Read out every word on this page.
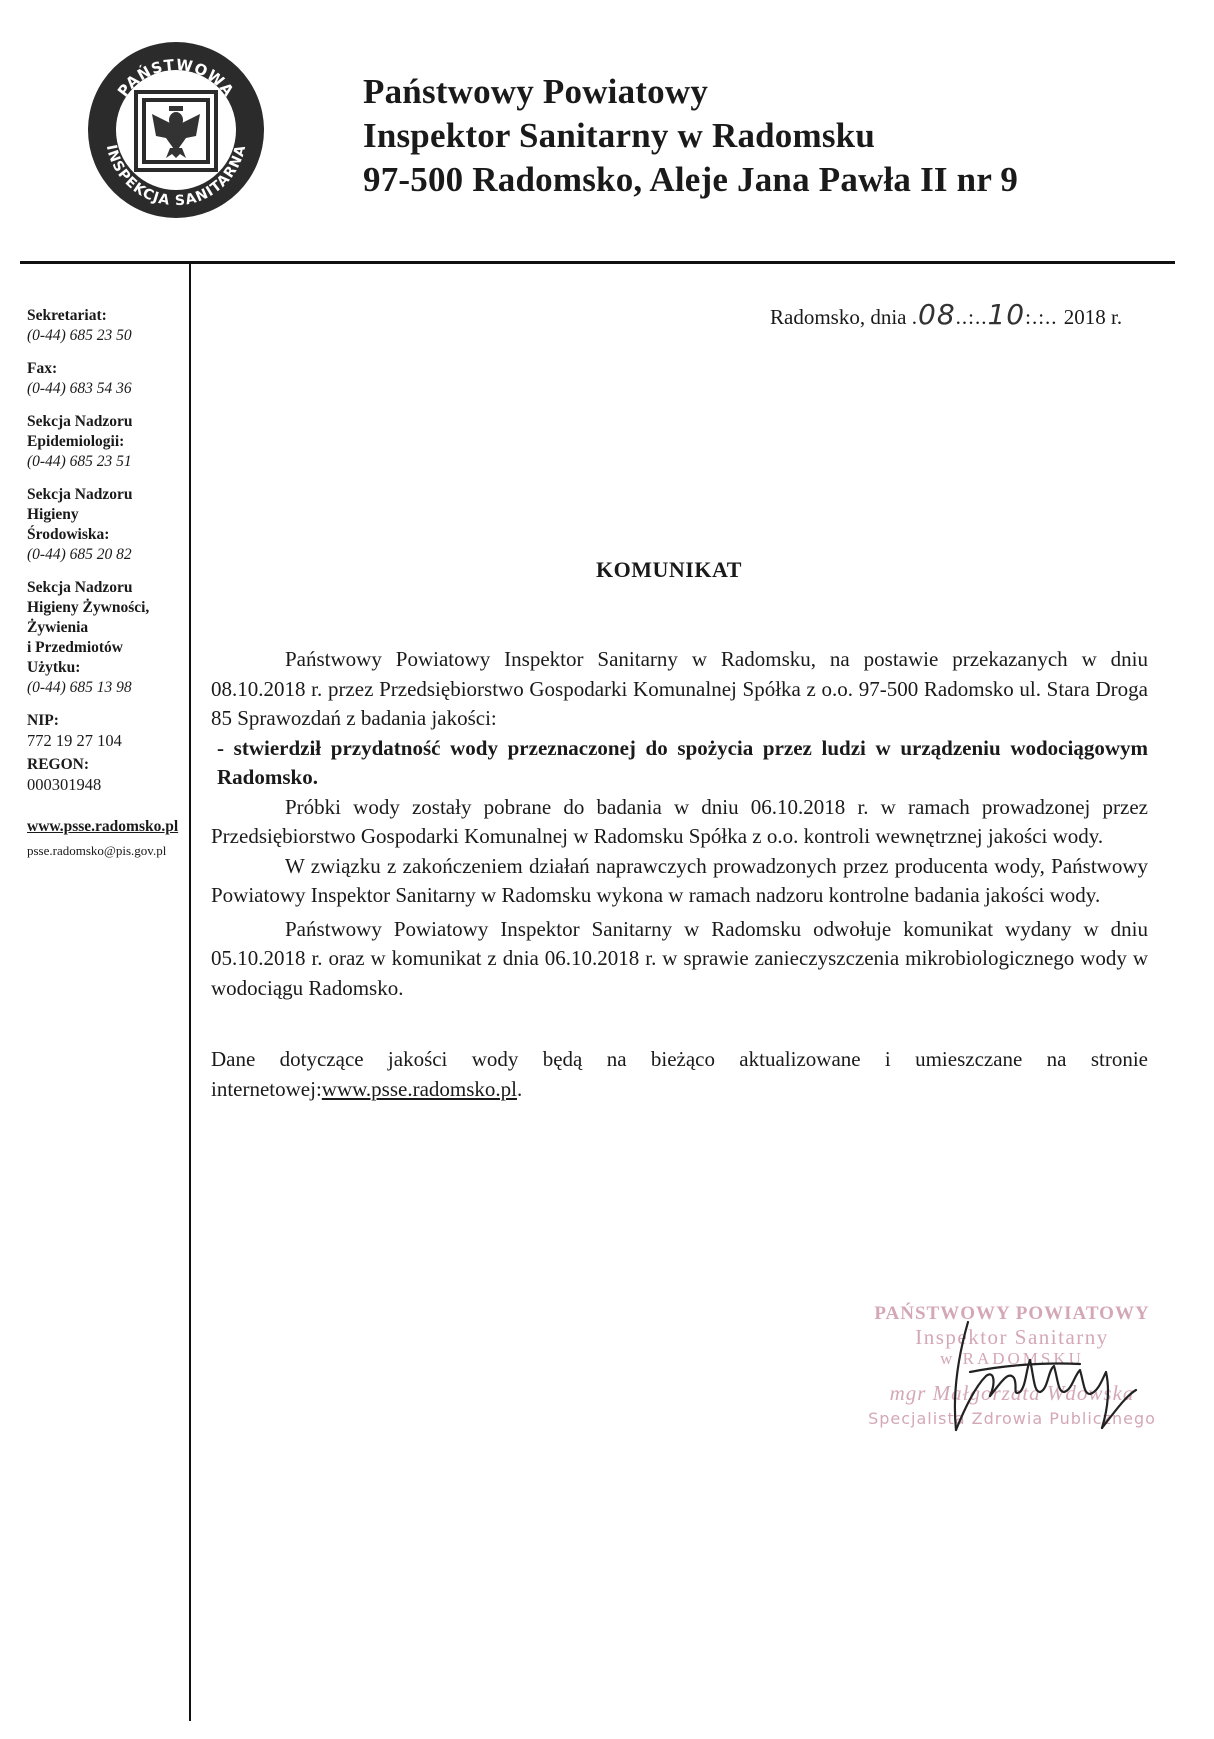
PAŃSTWOWA
INSPEKCJA SANITARNA
Państwowy Powiatowy
Inspektor Sanitarny w Radomsku
97-500 Radomsko, Aleje Jana Pawła II nr 9
Sekretariat:
(0-44) 685 23 50
Fax:
(0-44) 683 54 36
Sekcja Nadzoru
Epidemiologii:
(0-44) 685 23 51
Sekcja Nadzoru
Higieny
Środowiska:
(0-44) 685 20 82
Sekcja Nadzoru
Higieny Żywności,
Żywienia
i Przedmiotów
Użytku:
(0-44) 685 13 98
NIP:
772 19 27 104
REGON:
000301948
www.psse.radomsko.pl
psse.radomsko@pis.gov.pl
Radomsko, dnia .08..:..10:.:.. 2018 r.
KOMUNIKAT

Państwowy Powiatowy Inspektor Sanitarny w Radomsku, na postawie przekazanych w dniu 08.10.2018 r. przez Przedsiębiorstwo Gospodarki Komunalnej Spółka z o.o. 97-500 Radomsko ul. Stara Droga 85 Sprawozdań z badania jakości:

- stwierdził przydatność wody przeznaczonej do spożycia przez ludzi w urządzeniu wodociągowym Radomsko.

Próbki wody zostały pobrane do badania w dniu 06.10.2018 r. w ramach prowadzonej przez Przedsiębiorstwo Gospodarki Komunalnej w Radomsku Spółka z o.o. kontroli wewnętrznej jakości wody.

W związku z zakończeniem działań naprawczych prowadzonych przez producenta wody, Państwowy Powiatowy Inspektor Sanitarny w Radomsku wykona w ramach nadzoru kontrolne badania jakości wody.

Państwowy Powiatowy Inspektor Sanitarny w Radomsku odwołuje komunikat wydany w dniu 05.10.2018 r. oraz w komunikat z dnia 06.10.2018 r. w sprawie zanieczyszczenia mikrobiologicznego wody w wodociągu Radomsko.

Dane dotyczące jakości wody będą na bieżąco aktualizowane i umieszczane na stronie internetowej:www.psse.radomsko.pl.

PAŃSTWOWY POWIATOWY
Inspektor Sanitarny
w RADOMSKU
mgr Małgorzata Wdowska
Specjalista Zdrowia Publicznego
